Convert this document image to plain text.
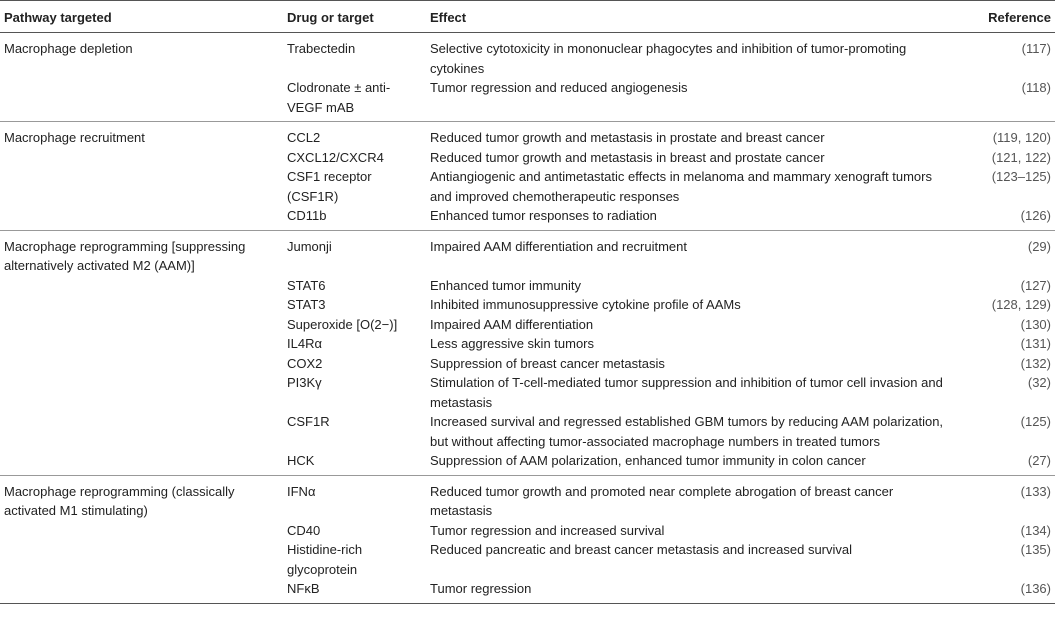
Pathway targeted	Drug or target	Effect	Reference
Macrophage depletion	Trabectedin	Selective cytotoxicity in mononuclear phagocytes and inhibition of tumor-promoting cytokines	(117)
	Clodronate ± anti-VEGF mAB	Tumor regression and reduced angiogenesis	(118)
Macrophage recruitment	CCL2	Reduced tumor growth and metastasis in prostate and breast cancer	(119, 120)
	CXCL12/CXCR4	Reduced tumor growth and metastasis in breast and prostate cancer	(121, 122)
	CSF1 receptor (CSF1R)	Antiangiogenic and antimetastatic effects in melanoma and mammary xenograft tumors and improved chemotherapeutic responses	(123–125)
	CD11b	Enhanced tumor responses to radiation	(126)
Macrophage reprogramming [suppressing alternatively activated M2 (AAM)]	Jumonji	Impaired AAM differentiation and recruitment	(29)
	STAT6	Enhanced tumor immunity	(127)
	STAT3	Inhibited immunosuppressive cytokine profile of AAMs	(128, 129)
	Superoxide [O(2−)]	Impaired AAM differentiation	(130)
	IL4Rα	Less aggressive skin tumors	(131)
	COX2	Suppression of breast cancer metastasis	(132)
	PI3Kγ	Stimulation of T-cell-mediated tumor suppression and inhibition of tumor cell invasion and metastasis	(32)
	CSF1R	Increased survival and regressed established GBM tumors by reducing AAM polarization, but without affecting tumor-associated macrophage numbers in treated tumors	(125)
	HCK	Suppression of AAM polarization, enhanced tumor immunity in colon cancer	(27)
Macrophage reprogramming (classically activated M1 stimulating)	IFNα	Reduced tumor growth and promoted near complete abrogation of breast cancer metastasis	(133)
	CD40	Tumor regression and increased survival	(134)
	Histidine-rich glycoprotein	Reduced pancreatic and breast cancer metastasis and increased survival	(135)
	NFκB	Tumor regression	(136)
